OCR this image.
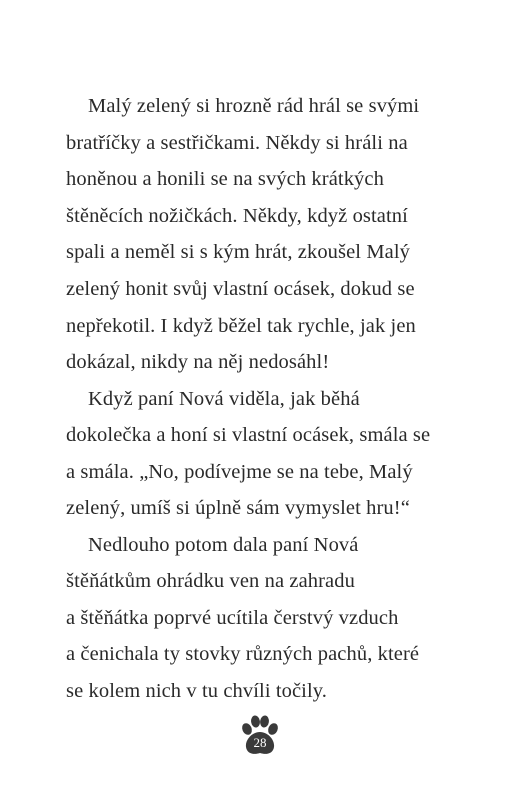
Malý zelený si hrozně rád hrál se svými
bratříčky a sestřičkami. Někdy si hráli na
honěnou a honili se na svých krátkých
štěněcích nožičkách. Někdy, když ostatní
spali a neměl si s kým hrát, zkoušel Malý
zelený honit svůj vlastní ocásek, dokud se
nepřekotil. I když běžel tak rychle, jak jen
dokázal, nikdy na něj nedosáhl!
Když paní Nová viděla, jak běhá
dokolečka a honí si vlastní ocásek, smála se
a smála. „No, podívejme se na tebe, Malý
zelený, umíš si úplně sám vymyslet hru!“
Nedlouho potom dala paní Nová
štěňátkům ohrádku ven na zahradu
a štěňátka poprvé ucítila čerstvý vzduch
a čenichala ty stovky různých pachů, které
se kolem nich v tu chvíli točily.
28
